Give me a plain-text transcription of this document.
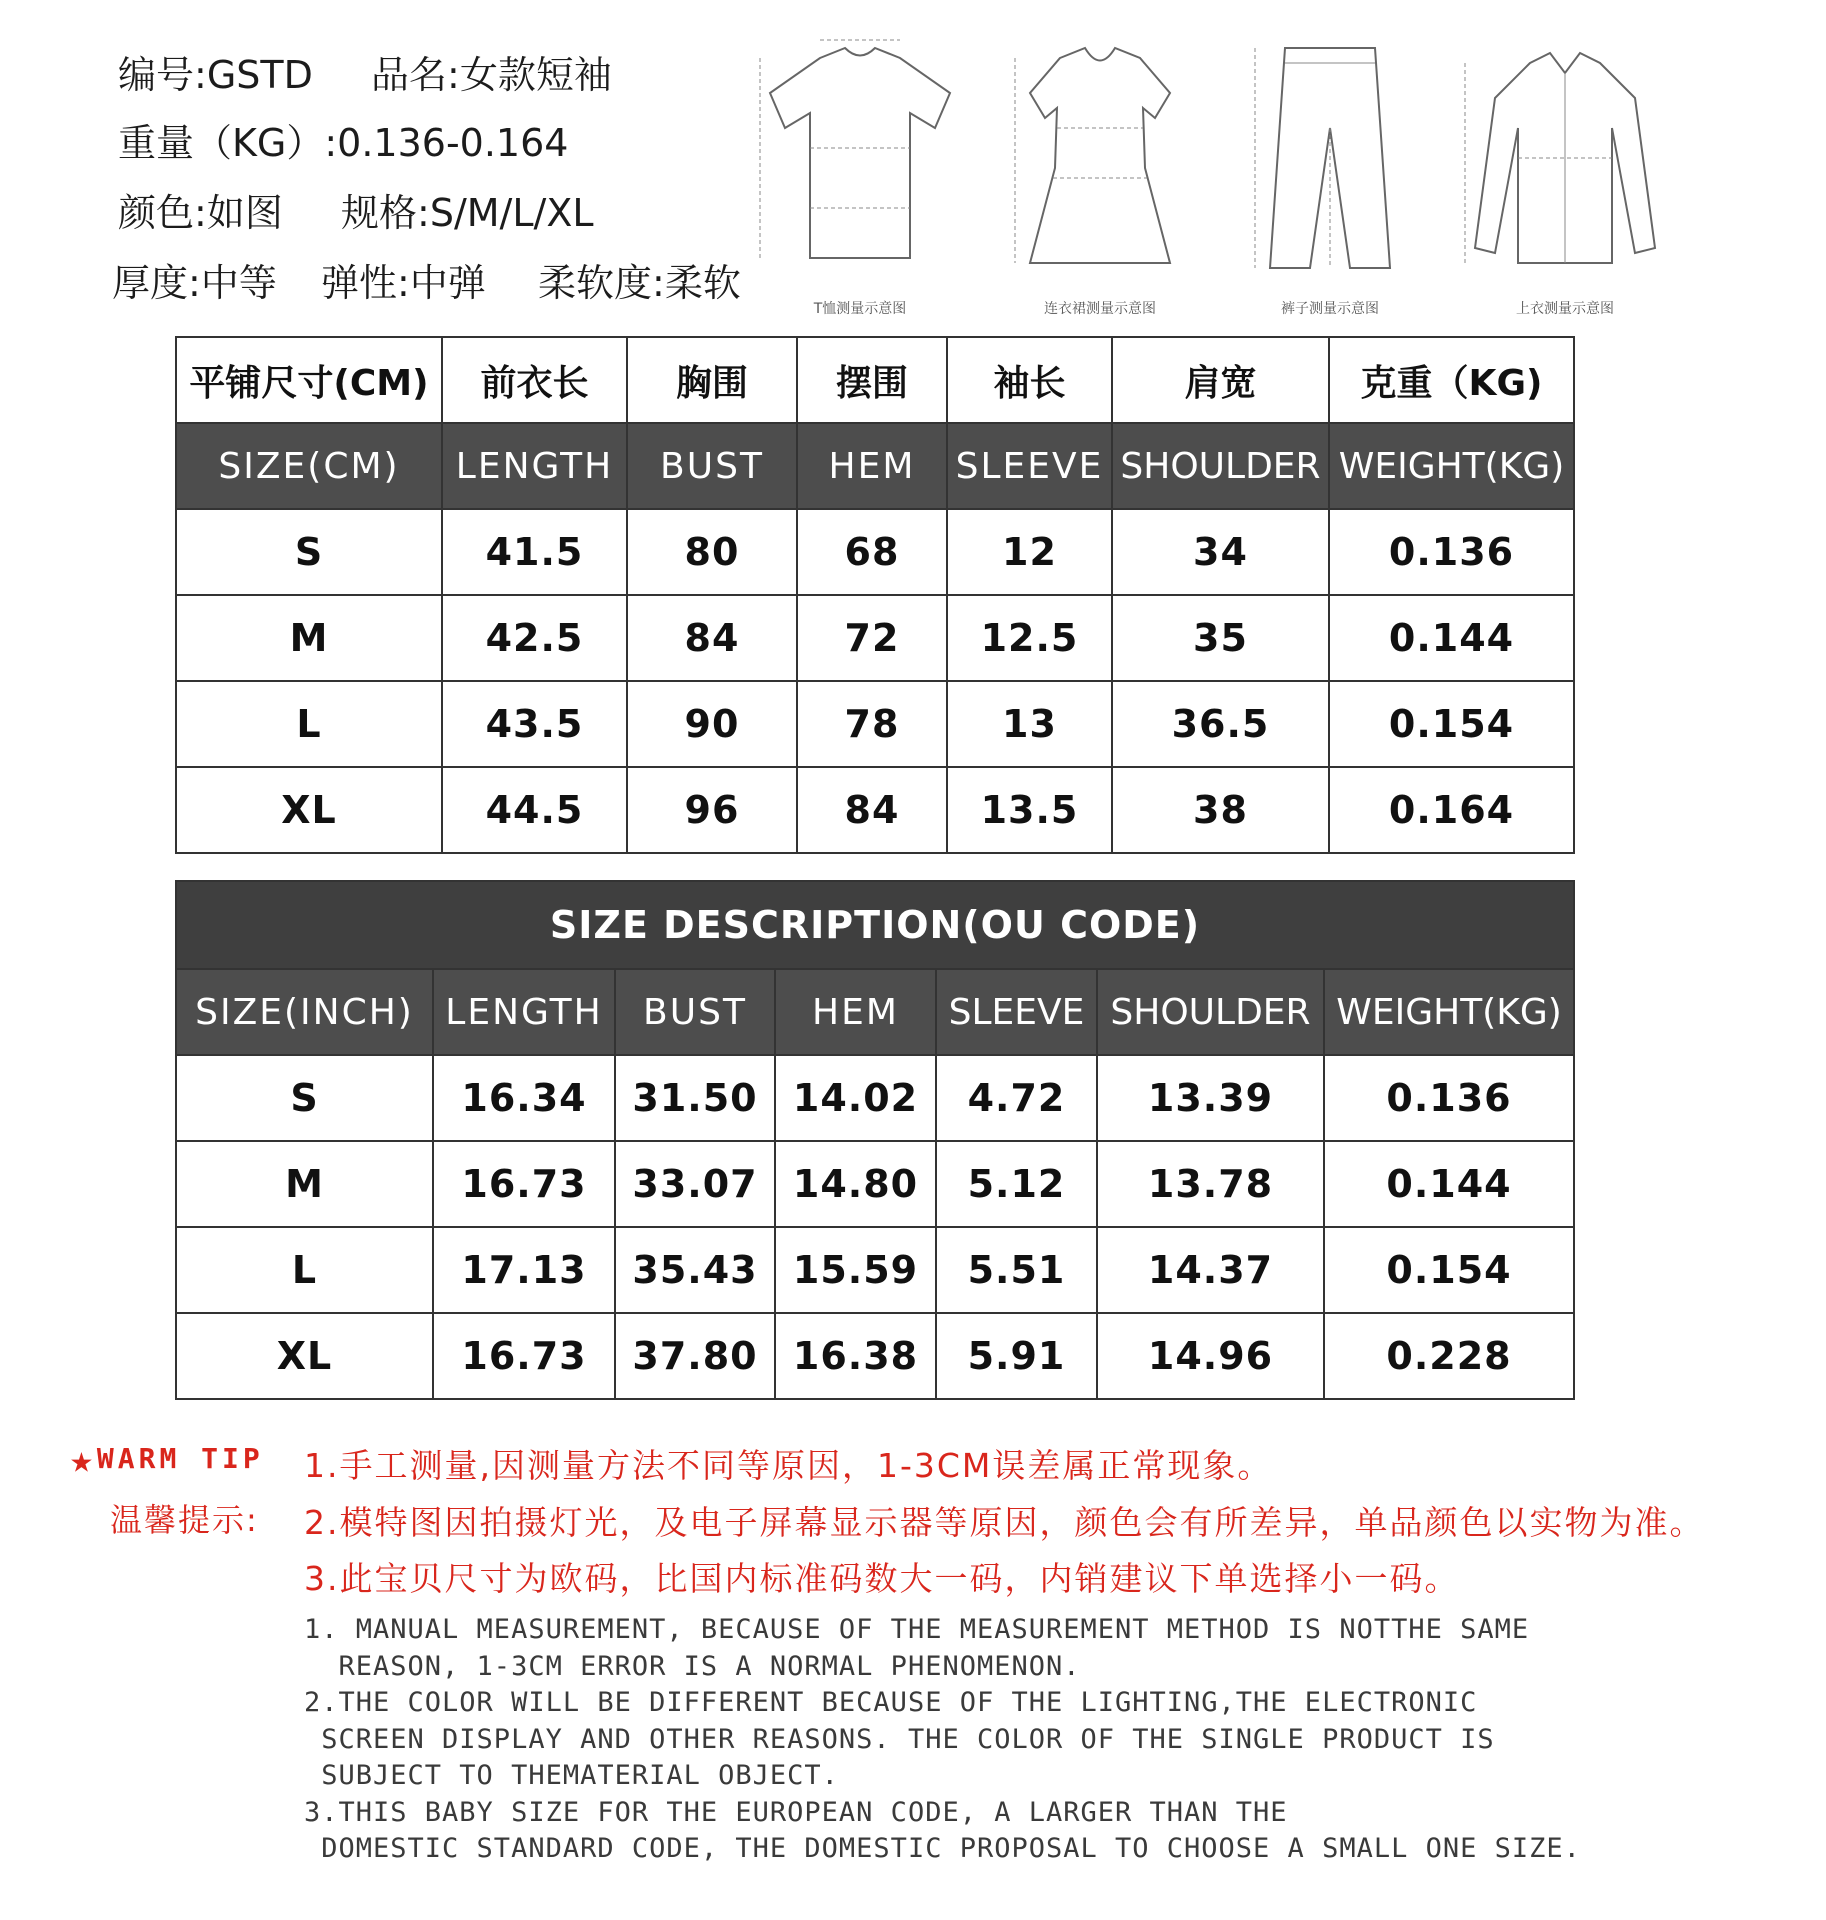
编号:GSTD 品名:女款短袖
重量（KG）:0.136-0.164
颜色:如图 规格:S/M/L/XL
厚度:中等 弹性:中弹 柔软度:柔软
T恤测量示意图	连衣裙测量示意图	裤子测量示意图	上衣测量示意图
平铺尺寸(CM)	前衣长	胸围	摆围	袖长	肩宽	克重（KG)
SIZE(CM)	LENGTH	BUST	HEM	SLEEVE	SHOULDER	WEIGHT(KG)
S	41.5	80	68	12	34	0.136
M	42.5	84	72	12.5	35	0.144
L	43.5	90	78	13	36.5	0.154
XL	44.5	96	84	13.5	38	0.164
SIZE DESCRIPTION(OU CODE)						
SIZE(INCH)	LENGTH	BUST	HEM	SLEEVE	SHOULDER	WEIGHT(KG)
S	16.34	31.50	14.02	4.72	13.39	0.136
M	16.73	33.07	14.80	5.12	13.78	0.144
L	17.13	35.43	15.59	5.51	14.37	0.154
XL	16.73	37.80	16.38	5.91	14.96	0.228
★WARM TIP
温馨提示:
1.手工测量,因测量方法不同等原因，1-3CM误差属正常现象。
2.模特图因拍摄灯光，及电子屏幕显示器等原因，颜色会有所差异，单品颜色以实物为准。
3.此宝贝尺寸为欧码，比国内标准码数大一码，内销建议下单选择小一码。
1. MANUAL MEASUREMENT, BECAUSE OF THE MEASUREMENT METHOD IS NOTTHE SAME
REASON, 1-3CM ERROR IS A NORMAL PHENOMENON.
2.THE COLOR WILL BE DIFFERENT BECAUSE OF THE LIGHTING,THE ELECTRONIC
SCREEN DISPLAY AND OTHER REASONS. THE COLOR OF THE SINGLE PRODUCT IS
SUBJECT TO THEMATERIAL OBJECT.
3.THIS BABY SIZE FOR THE EUROPEAN CODE, A LARGER THAN THE
DOMESTIC STANDARD CODE, THE DOMESTIC PROPOSAL TO CHOOSE A SMALL ONE SIZE.
